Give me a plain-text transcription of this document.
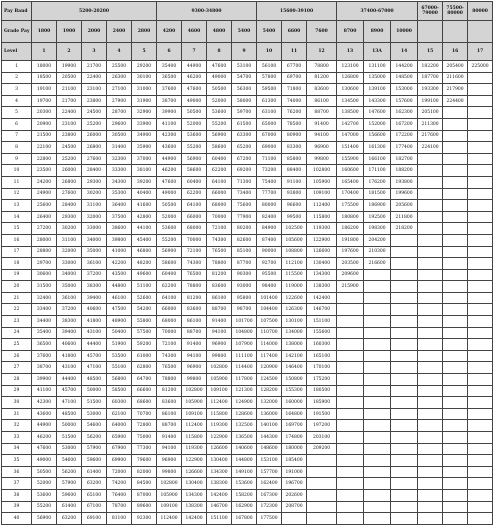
Pay Band	5200-20200					9300-34800				15600-39100			37400-67000			67000-79000	75500-80000	80000
Grade Pay	1800	1900	2000	2400	2800	4200	4600	4800	5400	5400	6600	7600	8700	8900	10000			
Level	1	2	3	4	5	6	7	8	9	10	11	12	13	13A	14	15	16	17
1	18000	19900	21700	25500	29200	35400	44900	47600	53100	56100	67700	78800	123100	131100	144200	182200	205400	225000
2	18500	20500	22400	26300	30100	36500	46200	49000	54700	57800	69700	81200	126800	135000	148500	187700	211600	
3	19100	21100	23100	27100	31000	37600	47600	50500	56300	59500	71800	83600	130600	139100	153000	193300	217900	
4	19700	21700	23800	27900	31900	38700	49000	52000	58000	61300	74000	86100	134500	143300	157600	199100	224400	
5	20300	22400	24500	28700	32900	39900	50500	53600	59700	63100	76200	88700	138500	147600	162300	205100		
6	20900	23100	25200	29600	33900	41100	52000	55200	61500	65000	78500	91400	142700	152000	167200	211300		
7	21500	23800	26000	30500	34900	42300	53600	56900	63300	67000	80900	94100	147000	156600	172200	217600		
8	22100	24500	26800	31400	35900	43600	55200	58600	65200	69000	83300	96900	151400	161300	177400	224100		
9	22800	25200	27600	32300	37000	44900	56900	60400	67200	71100	85800	99800	155900	166100	182700			
10	23500	26000	28400	33300	38100	46200	58600	62200	69200	73200	88400	102800	160600	171100	188200			
11	24200	26800	29300	34300	39200	47600	60400	64100	71300	75400	91100	105900	165400	176200	193800			
12	24900	27600	30200	35300	40400	49000	62200	66000	73400	77700	93800	109100	170400	181500	199600			
13	25600	28400	31100	36400	41600	50500	64100	68000	75600	80000	96600	112400	175500	186900	205600			
14	26400	29300	32000	37500	42800	52000	66000	70000	77900	82400	99500	115800	180800	192500	211800			
15	27200	30200	33000	38600	44100	53600	68000	72100	80200	84900	102500	119300	186200	198300	218200			
16	28000	31100	34000	39800	45400	55200	70000	74300	82600	87400	105600	122900	191800	204200				
17	28800	32000	35000	41000	46800	56900	72100	76500	85100	90000	108800	126600	197600	210300				
18	29700	33000	36100	42200	48200	58600	74300	78800	87700	92700	112100	130400	203500	216600				
19	30600	34000	37200	43500	49600	60400	76500	81200	90300	95500	115500	134300	209600					
20	31500	35000	38300	44800	51100	62200	78800	83600	93000	98400	119000	138300	215900					
21	32400	36100	39400	46100	52600	64100	81200	86100	95800	101400	122600	142400						
22	33400	37200	40600	47500	54200	66000	83600	88700	98700	104400	126300	146700						
23	34400	38300	41800	48900	55800	68000	86100	91400	101700	107500	130100	151100						
24	35400	39400	43100	50400	57500	70000	88700	94100	104800	110700	134000	155600						
25	36500	40600	44400	51900	59200	72100	91400	96900	107900	114000	138000	160300						
26	37600	41800	45700	53500	61000	74300	94100	99800	111100	117400	142100	165100						
27	38700	43100	47100	55100	62800	76500	96900	102800	114400	120900	146400	170100						
28	39900	44400	48500	56800	64700	78800	99800	105900	117800	124500	150800	175200						
29	41100	45700	50000	58500	66600	81200	102800	109100	121300	128200	155300	180500						
30	42300	47100	51500	60300	68600	83600	105900	112400	124900	132000	160000	185900						
31	43600	48500	53000	62100	70700	86100	109100	115800	128600	136000	164800	191500						
32	44900	50000	54600	64000	72800	88700	112400	119300	132500	140100	169700	197200						
33	46200	51500	56200	65900	75000	91400	115800	122900	136500	144300	174800	203100						
34	47600	53000	57900	67900	77300	94100	119300	126600	140600	148600	180000	209200						
35	49000	54600	59600	69900	79600	96900	122900	130400	144800	153100	185400							
36	50500	56200	61400	72000	82000	99800	126600	134300	149100	157700	191000							
37	52000	57900	63200	74200	84500	102800	130400	138300	153600	162400	196700							
38	53600	59600	65100	76400	87000	105900	134300	142400	158200	167300	202600							
39	55200	61400	67100	78700	89600	109100	138300	146700	162900	172300	208700							
40	56900	63200	69100	81100	92300	112400	142400	151100	167800	177500								
